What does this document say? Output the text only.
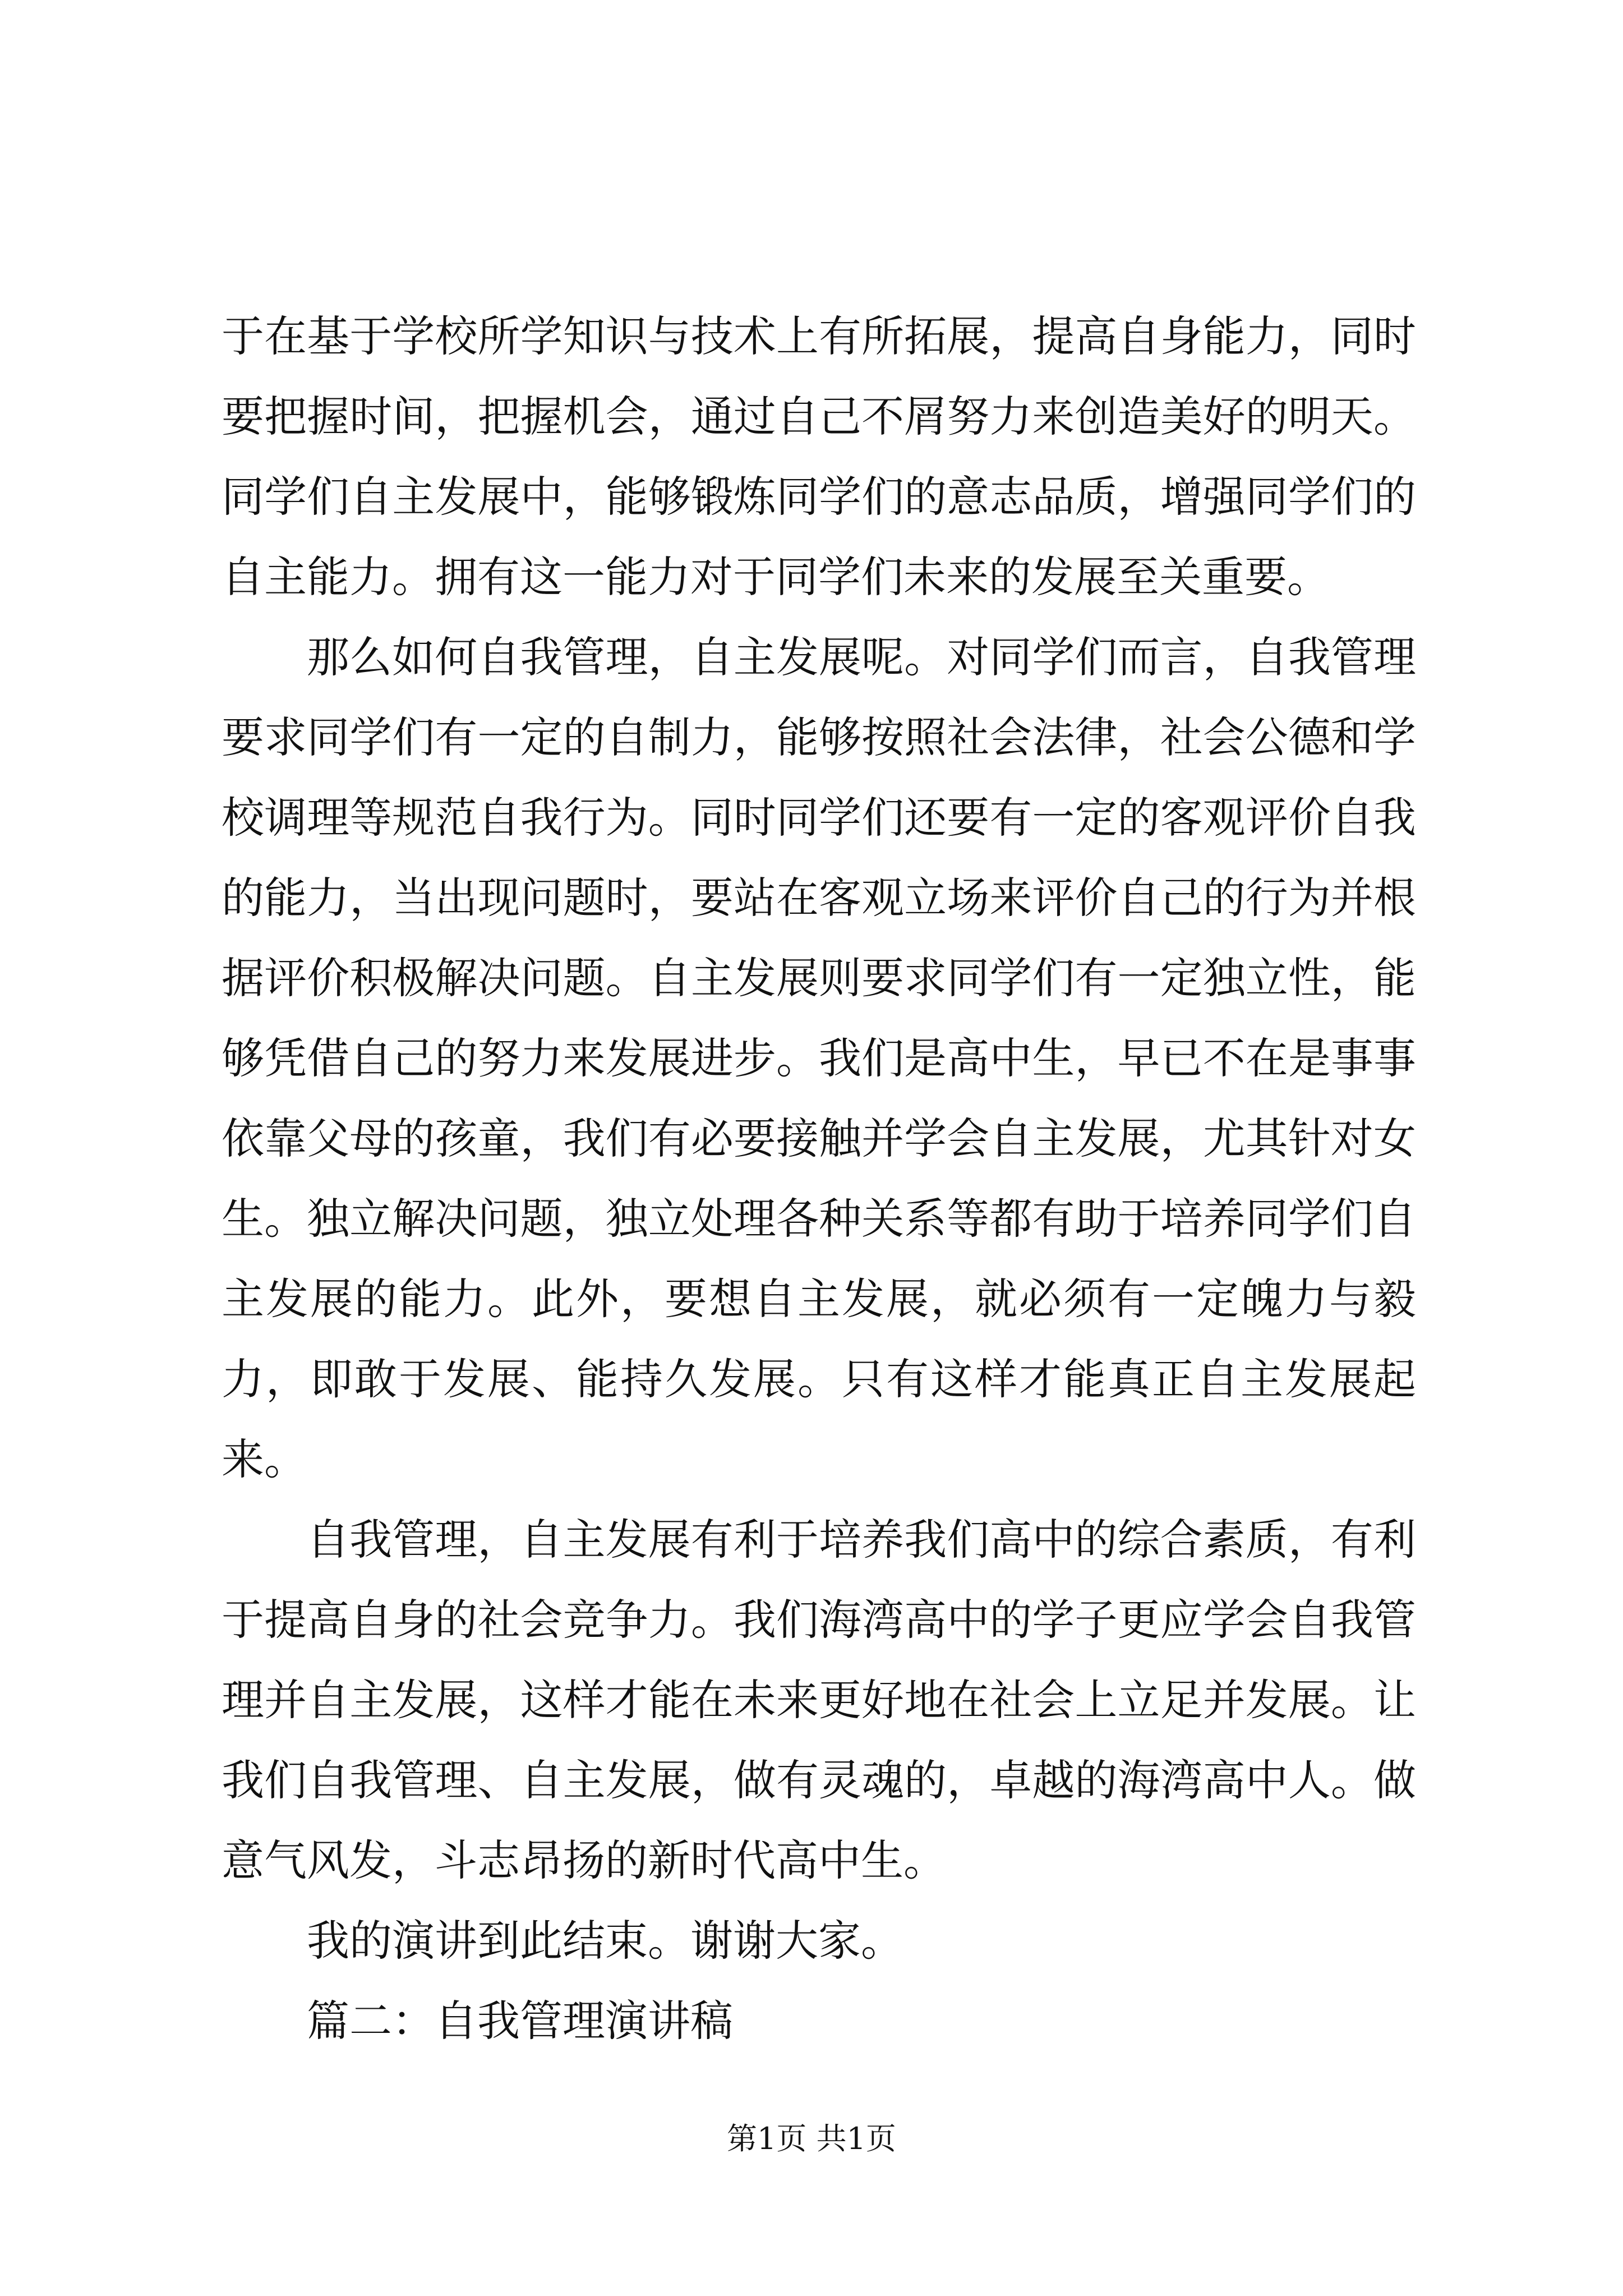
于在基于学校所学知识与技术上有所拓展，提高自身能力，同时要把握时间，把握机会，通过自己不屑努力来创造美好的明天。同学们自主发展中，能够锻炼同学们的意志品质，增强同学们的自主能力。拥有这一能力对于同学们未来的发展至关重要。

那么如何自我管理，自主发展呢。对同学们而言，自我管理要求同学们有一定的自制力，能够按照社会法律，社会公德和学校调理等规范自我行为。同时同学们还要有一定的客观评价自我的能力，当出现问题时，要站在客观立场来评价自己的行为并根据评价积极解决问题。自主发展则要求同学们有一定独立性，能够凭借自己的努力来发展进步。我们是高中生，早已不在是事事依靠父母的孩童，我们有必要接触并学会自主发展，尤其针对女生。独立解决问题，独立处理各种关系等都有助于培养同学们自主发展的能力。此外，要想自主发展，就必须有一定魄力与毅力，即敢于发展、能持久发展。只有这样才能真正自主发展起来。

自我管理，自主发展有利于培养我们高中的综合素质，有利于提高自身的社会竞争力。我们海湾高中的学子更应学会自我管理并自主发展，这样才能在未来更好地在社会上立足并发展。让我们自我管理、自主发展，做有灵魂的，卓越的海湾高中人。做意气风发，斗志昂扬的新时代高中生。

我的演讲到此结束。谢谢大家。

篇二：自我管理演讲稿

第1页 共1页
